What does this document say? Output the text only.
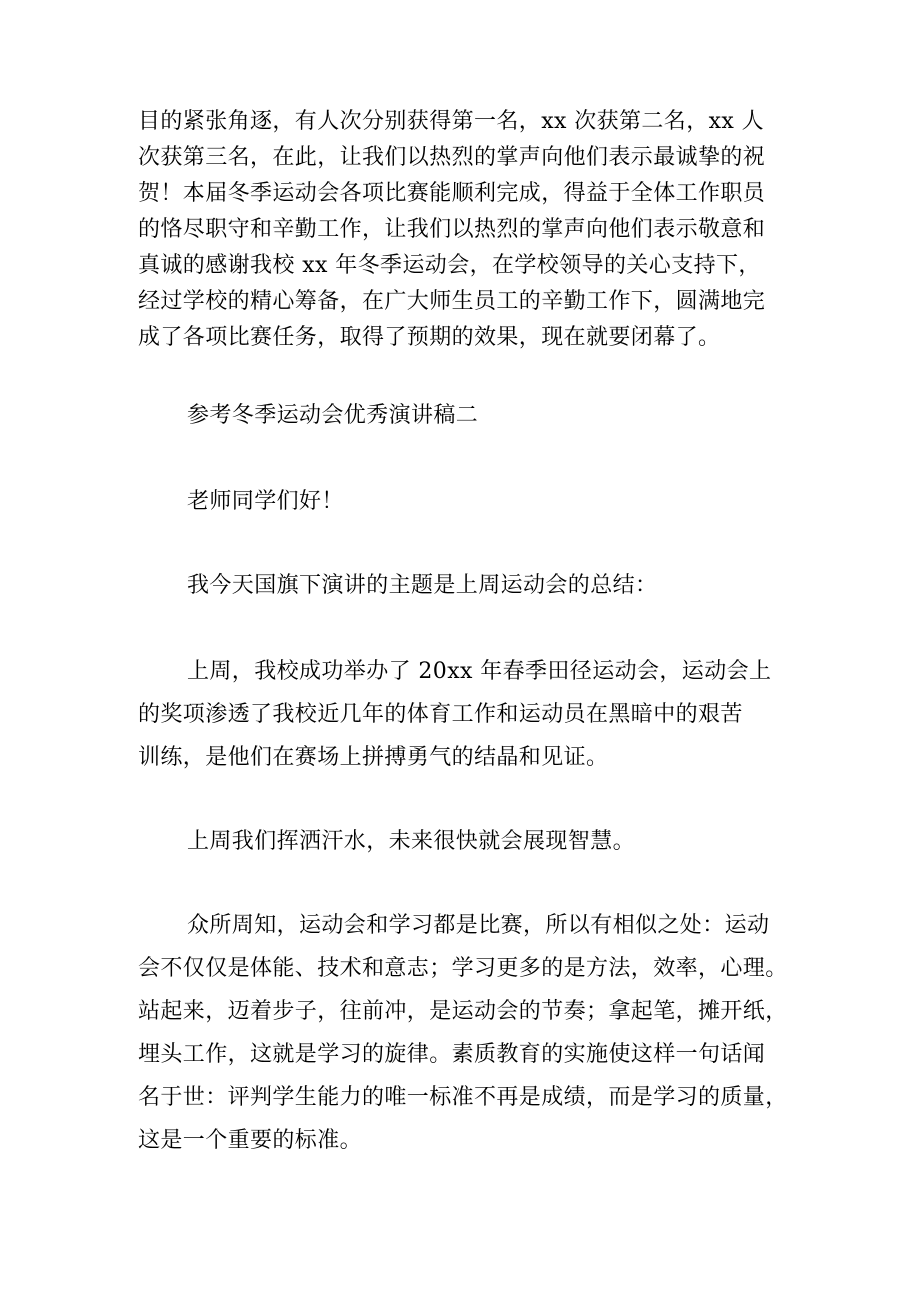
目的紧张角逐，有人次分别获得第一名，xx 次获第二名，xx 人
次获第三名，在此，让我们以热烈的掌声向他们表示最诚挚的祝
贺！本届冬季运动会各项比赛能顺利完成，得益于全体工作职员
的恪尽职守和辛勤工作，让我们以热烈的掌声向他们表示敬意和
真诚的感谢我校 xx 年冬季运动会，在学校领导的关心支持下，
经过学校的精心筹备，在广大师生员工的辛勤工作下，圆满地完
成了各项比赛任务，取得了预期的效果，现在就要闭幕了。
参考冬季运动会优秀演讲稿二
老师同学们好！
我今天国旗下演讲的主题是上周运动会的总结：
上周，我校成功举办了 20xx 年春季田径运动会，运动会上
的奖项渗透了我校近几年的体育工作和运动员在黑暗中的艰苦
训练，是他们在赛场上拼搏勇气的结晶和见证。
上周我们挥洒汗水，未来很快就会展现智慧。
众所周知，运动会和学习都是比赛，所以有相似之处：运动
会不仅仅是体能、技术和意志；学习更多的是方法，效率，心理。
站起来，迈着步子，往前冲，是运动会的节奏；拿起笔，摊开纸，
埋头工作，这就是学习的旋律。素质教育的实施使这样一句话闻
名于世：评判学生能力的唯一标准不再是成绩，而是学习的质量，
这是一个重要的标准。
